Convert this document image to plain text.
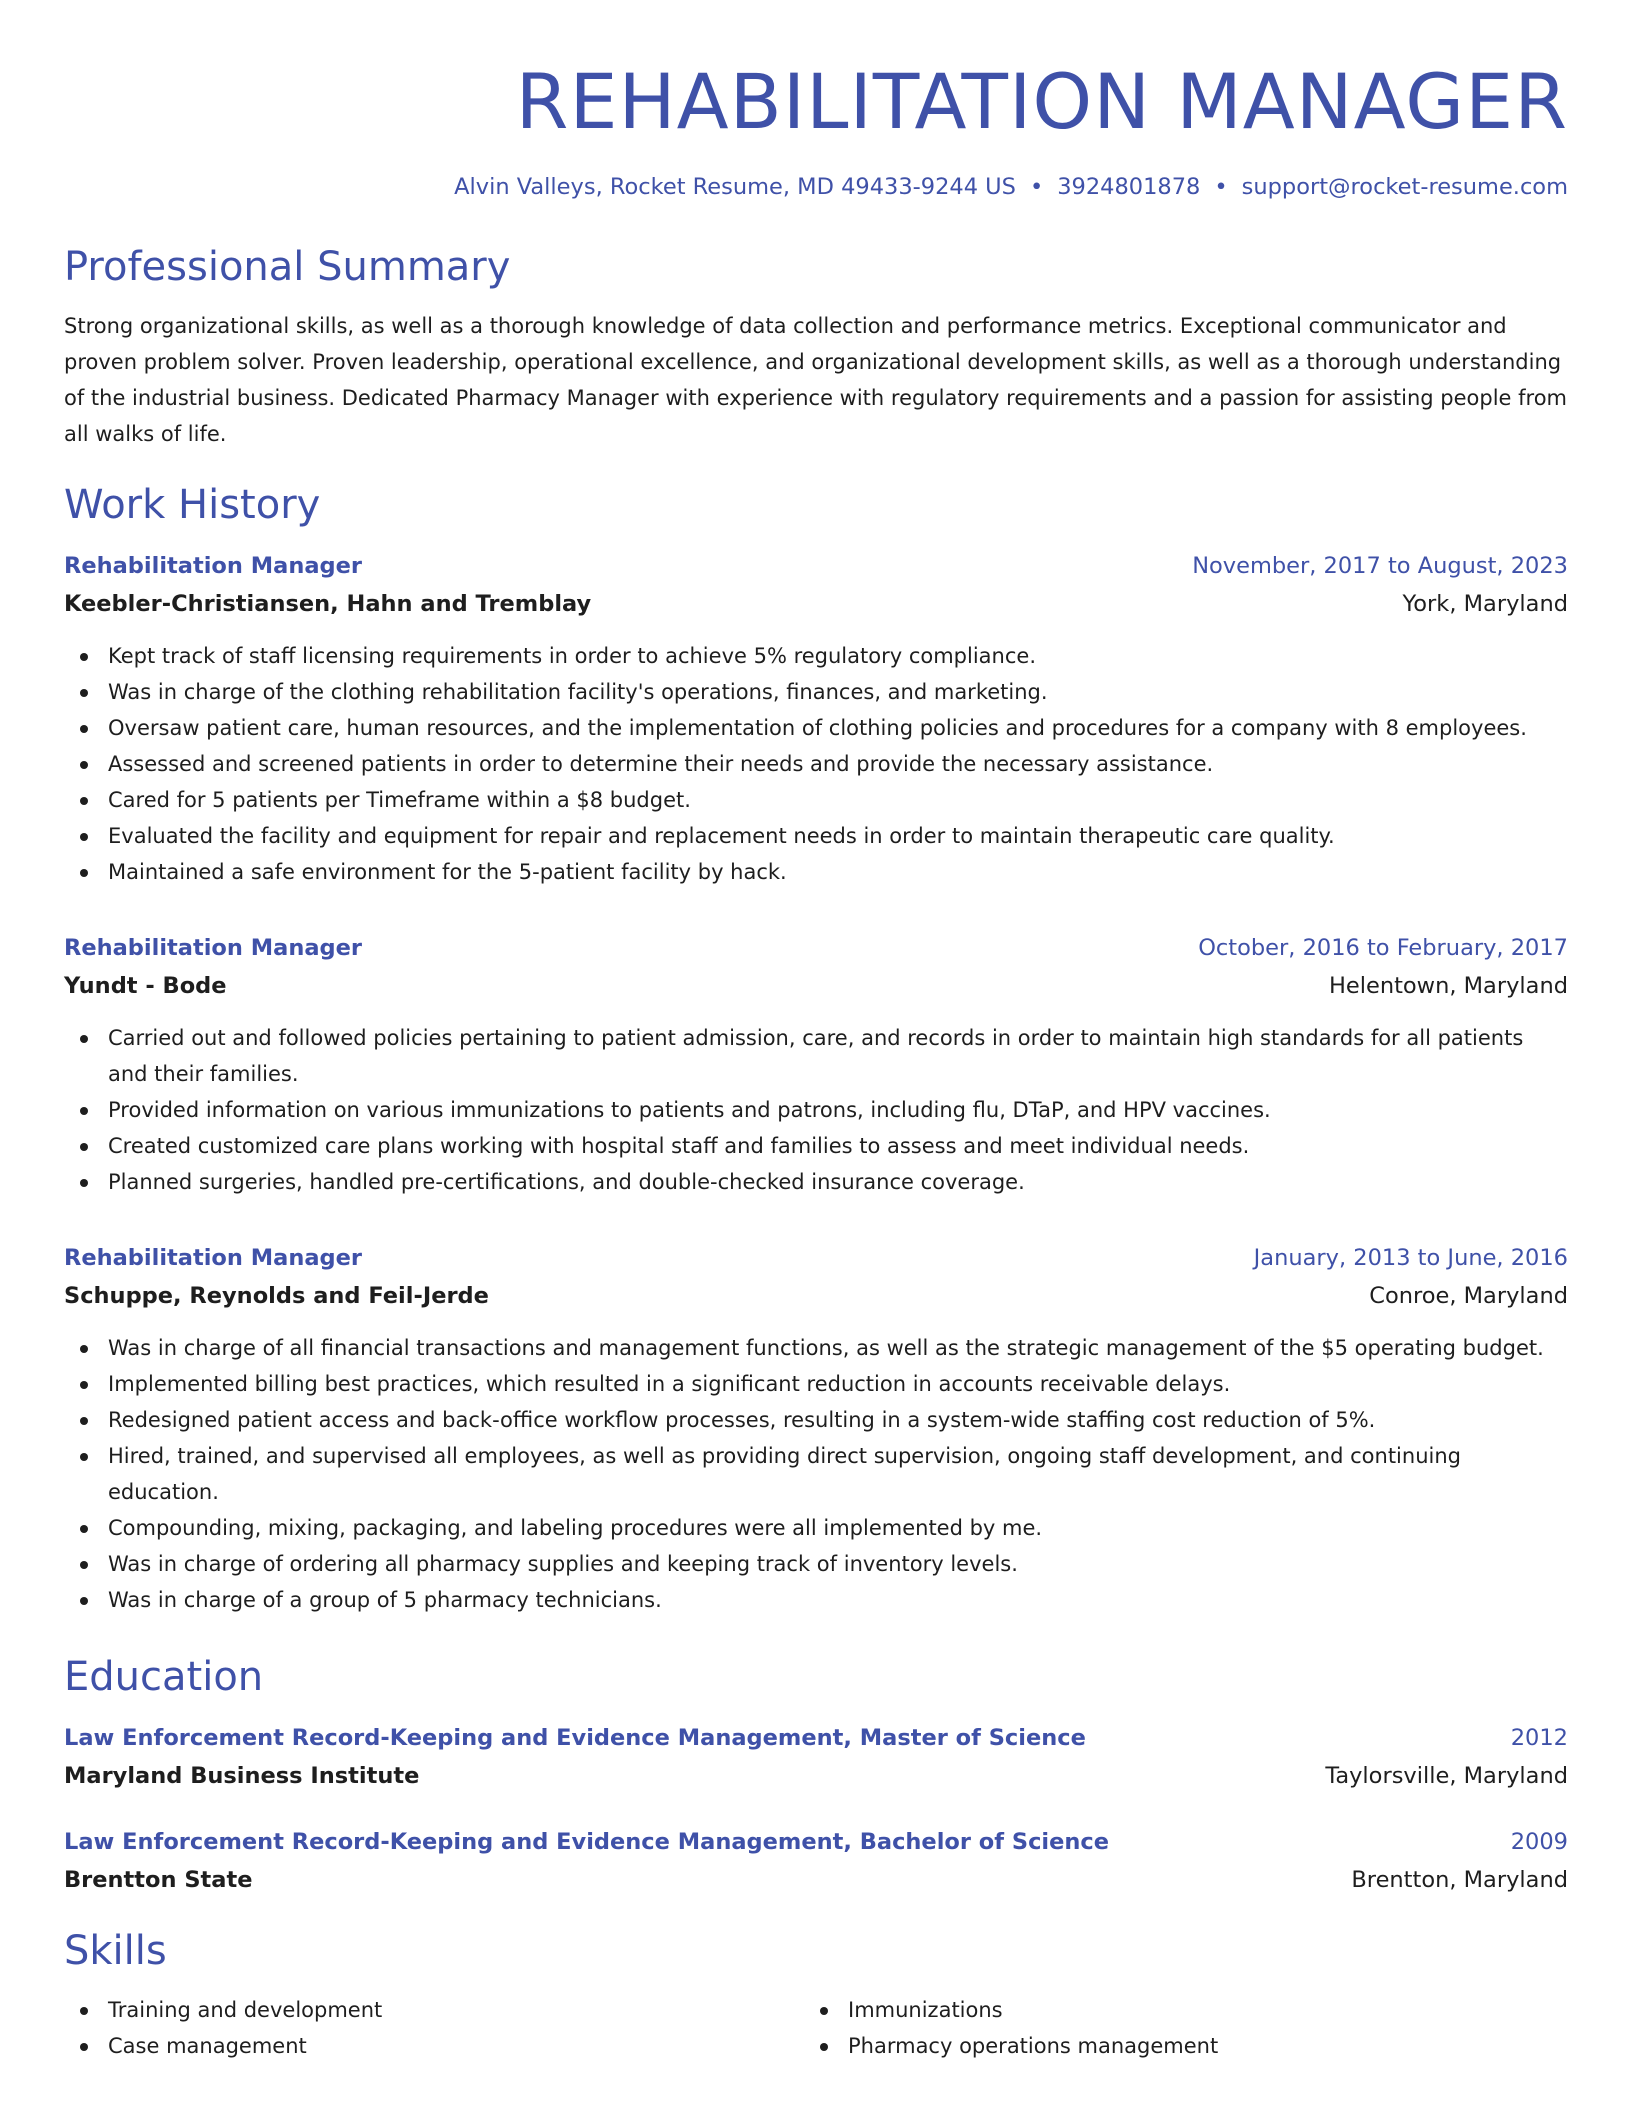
REHABILITATION MANAGER
Alvin Valleys, Rocket Resume, MD 49433-9244 US • 3924801878 • support@rocket-resume.com
Professional Summary
Strong organizational skills, as well as a thorough knowledge of data collection and performance metrics. Exceptional communicator and proven problem solver. Proven leadership, operational excellence, and organizational development skills, as well as a thorough understanding of the industrial business. Dedicated Pharmacy Manager with experience with regulatory requirements and a passion for assisting people from all walks of life.
Work History
Rehabilitation Manager	November, 2017 to August, 2023
Keebler-Christiansen, Hahn and Tremblay	York, Maryland
Kept track of staff licensing requirements in order to achieve 5% regulatory compliance.
Was in charge of the clothing rehabilitation facility's operations, finances, and marketing.
Oversaw patient care, human resources, and the implementation of clothing policies and procedures for a company with 8 employees.
Assessed and screened patients in order to determine their needs and provide the necessary assistance.
Cared for 5 patients per Timeframe within a $8 budget.
Evaluated the facility and equipment for repair and replacement needs in order to maintain therapeutic care quality.
Maintained a safe environment for the 5-patient facility by hack.
Rehabilitation Manager	October, 2016 to February, 2017
Yundt - Bode	Helentown, Maryland
Carried out and followed policies pertaining to patient admission, care, and records in order to maintain high standards for all patients and their families.
Provided information on various immunizations to patients and patrons, including flu, DTaP, and HPV vaccines.
Created customized care plans working with hospital staff and families to assess and meet individual needs.
Planned surgeries, handled pre-certifications, and double-checked insurance coverage.
Rehabilitation Manager	January, 2013 to June, 2016
Schuppe, Reynolds and Feil-Jerde	Conroe, Maryland
Was in charge of all financial transactions and management functions, as well as the strategic management of the $5 operating budget.
Implemented billing best practices, which resulted in a significant reduction in accounts receivable delays.
Redesigned patient access and back-office workflow processes, resulting in a system-wide staffing cost reduction of 5%.
Hired, trained, and supervised all employees, as well as providing direct supervision, ongoing staff development, and continuing education.
Compounding, mixing, packaging, and labeling procedures were all implemented by me.
Was in charge of ordering all pharmacy supplies and keeping track of inventory levels.
Was in charge of a group of 5 pharmacy technicians.
Education
Law Enforcement Record-Keeping and Evidence Management, Master of Science	2012
Maryland Business Institute	Taylorsville, Maryland
Law Enforcement Record-Keeping and Evidence Management, Bachelor of Science	2009
Brentton State	Brentton, Maryland
Skills
Training and development
Case management
Immunizations
Pharmacy operations management
